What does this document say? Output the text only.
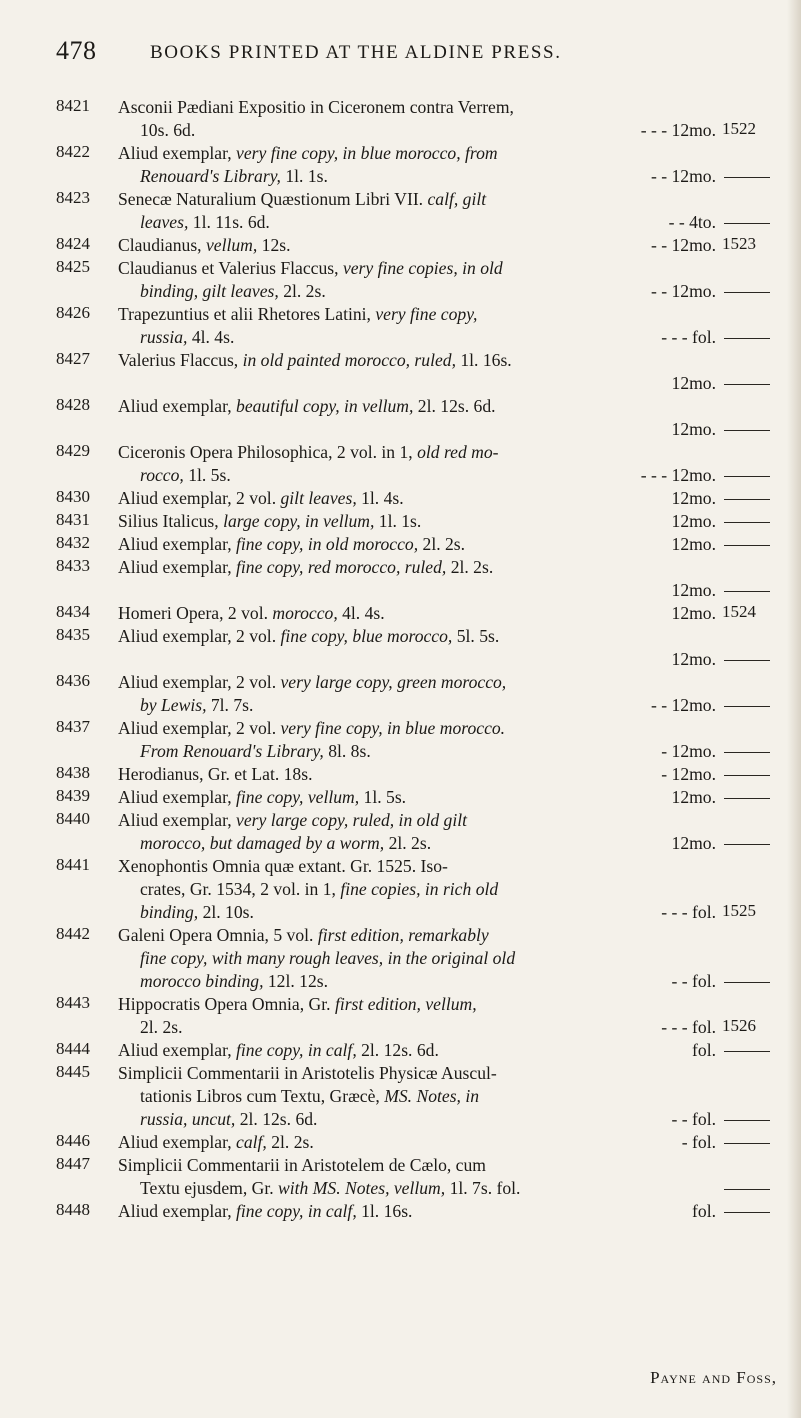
478	BOOKS PRINTED AT THE ALDINE PRESS.
8421	Asconii Pædiani Expositio in Ciceronem contra Verrem,
10s. 6d.	- - - 12mo. 1522
8422	Aliud exemplar, very fine copy, in blue morocco, from
Renouard's Library, 1l. 1s.	- - 12mo.
8423	Senecæ Naturalium Quæstionum Libri VII. calf, gilt
leaves, 1l. 11s. 6d.	- - 4to.
8424	Claudianus, vellum, 12s.	- - 12mo. 1523
8425	Claudianus et Valerius Flaccus, very fine copies, in old
binding, gilt leaves, 2l. 2s.	- - 12mo.
8426	Trapezuntius et alii Rhetores Latini, very fine copy,
russia, 4l. 4s.	- - - fol.
8427	Valerius Flaccus, in old painted morocco, ruled, 1l. 16s.
12mo.
8428	Aliud exemplar, beautiful copy, in vellum, 2l. 12s. 6d.
12mo.
8429	Ciceronis Opera Philosophica, 2 vol. in 1, old red mo-
rocco, 1l. 5s.	- - - 12mo.
8430	Aliud exemplar, 2 vol. gilt leaves, 1l. 4s.	12mo.
8431	Silius Italicus, large copy, in vellum, 1l. 1s.	12mo.
8432	Aliud exemplar, fine copy, in old morocco, 2l. 2s.	12mo.
8433	Aliud exemplar, fine copy, red morocco, ruled, 2l. 2s.
12mo.
8434	Homeri Opera, 2 vol. morocco, 4l. 4s.	12mo. 1524
8435	Aliud exemplar, 2 vol. fine copy, blue morocco, 5l. 5s.
12mo.
8436	Aliud exemplar, 2 vol. very large copy, green morocco,
by Lewis, 7l. 7s.	- - 12mo.
8437	Aliud exemplar, 2 vol. very fine copy, in blue morocco.
From Renouard's Library, 8l. 8s.	- 12mo.
8438	Herodianus, Gr. et Lat. 18s.	- 12mo.
8439	Aliud exemplar, fine copy, vellum, 1l. 5s.	12mo.
8440	Aliud exemplar, very large copy, ruled, in old gilt
morocco, but damaged by a worm, 2l. 2s.	12mo.
8441	Xenophontis Omnia quæ extant. Gr. 1525. Iso-
crates, Gr. 1534, 2 vol. in 1, fine copies, in rich old
binding, 2l. 10s.	- - - fol. 1525
8442	Galeni Opera Omnia, 5 vol. first edition, remarkably
fine copy, with many rough leaves, in the original old
morocco binding, 12l. 12s.	- - fol.
8443	Hippocratis Opera Omnia, Gr. first edition, vellum,
2l. 2s.	- - - fol. 1526
8444	Aliud exemplar, fine copy, in calf, 2l. 12s. 6d.	fol.
8445	Simplicii Commentarii in Aristotelis Physicæ Auscul-
tationis Libros cum Textu, Græcè, MS. Notes, in
russia, uncut, 2l. 12s. 6d.	- - fol.
8446	Aliud exemplar, calf, 2l. 2s.	- fol.
8447	Simplicii Commentarii in Aristotelem de Cælo, cum
Textu ejusdem, Gr. with MS. Notes, vellum, 1l. 7s. fol.
8448	Aliud exemplar, fine copy, in calf, 1l. 16s.	fol.
Payne and Foss,
